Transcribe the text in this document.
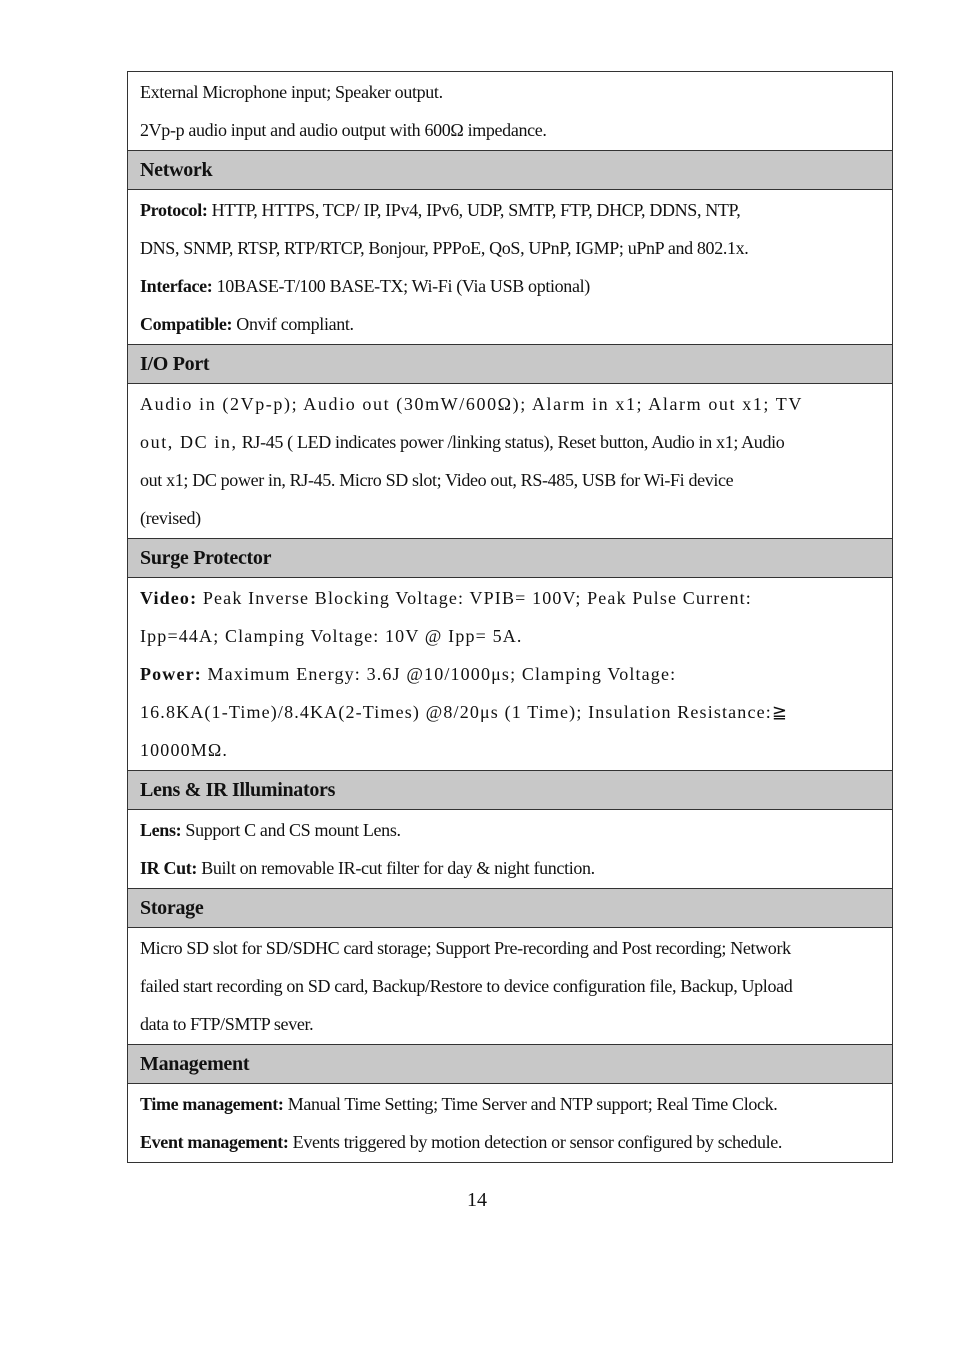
External Microphone input; Speaker output.
2Vp-p audio input and audio output with 600Ω impedance.

Network

Protocol: HTTP, HTTPS, TCP/ IP, IPv4, IPv6, UDP, SMTP, FTP, DHCP, DDNS, NTP,
DNS, SNMP, RTSP, RTP/RTCP, Bonjour, PPPoE, QoS, UPnP, IGMP; uPnP and 802.1x.
Interface: 10BASE-T/100 BASE-TX; Wi-Fi (Via USB optional)
Compatible: Onvif compliant.

I/O Port

Audio in (2Vp-p); Audio out (30mW/600Ω); Alarm in x1; Alarm out x1; TV
out, DC in, RJ-45 ( LED indicates power /linking status), Reset button, Audio in x1; Audio
out x1; DC power in, RJ-45. Micro SD slot; Video out, RS-485, USB for Wi-Fi device
(revised)

Surge Protector

Video: Peak Inverse Blocking Voltage: VPIB= 100V; Peak Pulse Current:
Ipp=44A; Clamping Voltage: 10V @ Ipp= 5A.
Power: Maximum Energy: 3.6J @10/1000μs; Clamping Voltage:
16.8KA(1-Time)/8.4KA(2-Times) @8/20μs (1 Time); Insulation Resistance:≧
10000MΩ.

Lens & IR Illuminators

Lens: Support C and CS mount Lens.
IR Cut: Built on removable IR-cut filter for day & night function.

Storage

Micro SD slot for SD/SDHC card storage; Support Pre-recording and Post recording; Network
failed start recording on SD card, Backup/Restore to device configuration file, Backup, Upload
data to FTP/SMTP sever.

Management

Time management: Manual Time Setting; Time Server and NTP support; Real Time Clock.
Event management: Events triggered by motion detection or sensor configured by schedule.
14
